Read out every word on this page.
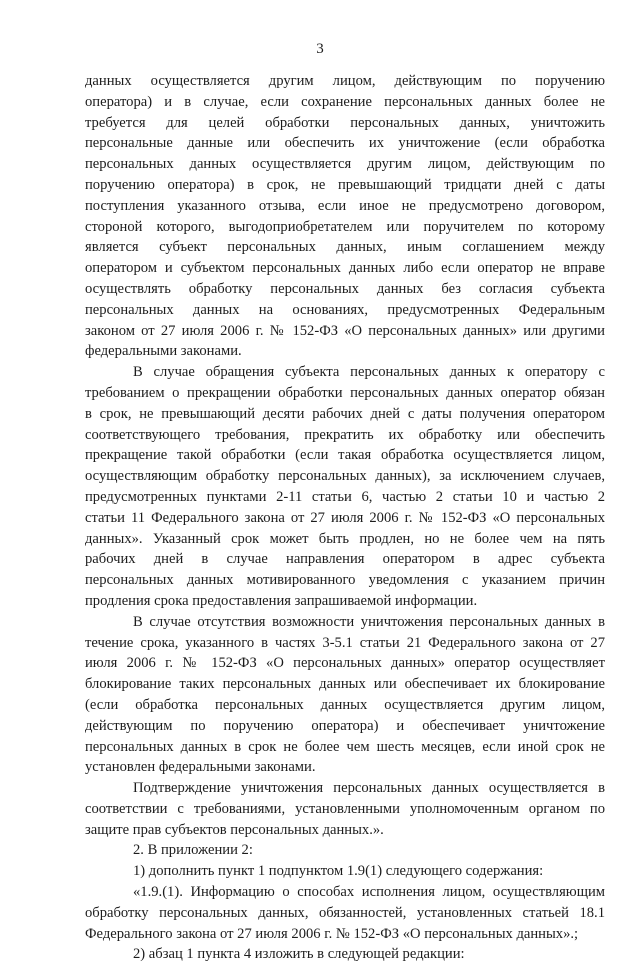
3
данных осуществляется другим лицом, действующим по поручению
оператора) и в случае, если сохранение персональных данных более не
требуется для целей обработки персональных данных, уничтожить
персональные данные или обеспечить их уничтожение (если обработка
персональных данных осуществляется другим лицом, действующим по
поручению оператора) в срок, не превышающий тридцати дней с даты
поступления указанного отзыва, если иное не предусмотрено договором,
стороной которого, выгодоприобретателем или поручителем по которому
является субъект персональных данных, иным соглашением между
оператором и субъектом персональных данных либо если оператор не вправе
осуществлять обработку персональных данных без согласия субъекта
персональных данных на основаниях, предусмотренных Федеральным
законом от 27 июля 2006 г. № 152-ФЗ «О персональных данных» или другими
федеральными законами.
В случае обращения субъекта персональных данных к оператору с
требованием о прекращении обработки персональных данных оператор обязан
в срок, не превышающий десяти рабочих дней с даты получения оператором
соответствующего требования, прекратить их обработку или обеспечить
прекращение такой обработки (если такая обработка осуществляется лицом,
осуществляющим обработку персональных данных), за исключением случаев,
предусмотренных пунктами 2-11 статьи 6, частью 2 статьи 10 и частью 2
статьи 11 Федерального закона от 27 июля 2006 г. № 152-ФЗ «О персональных
данных». Указанный срок может быть продлен, но не более чем на пять
рабочих дней в случае направления оператором в адрес субъекта
персональных данных мотивированного уведомления с указанием причин
продления срока предоставления запрашиваемой информации.
В случае отсутствия возможности уничтожения персональных данных в
течение срока, указанного в частях 3-5.1 статьи 21 Федерального закона от 27
июля 2006 г. № 152-ФЗ «О персональных данных» оператор осуществляет
блокирование таких персональных данных или обеспечивает их блокирование
(если обработка персональных данных осуществляется другим лицом,
действующим по поручению оператора) и обеспечивает уничтожение
персональных данных в срок не более чем шесть месяцев, если иной срок не
установлен федеральными законами.
Подтверждение уничтожения персональных данных осуществляется в
соответствии с требованиями, установленными уполномоченным органом по
защите прав субъектов персональных данных.».
2. В приложении 2:
1) дополнить пункт 1 подпунктом 1.9(1) следующего содержания:
«1.9.(1). Информацию о способах исполнения лицом, осуществляющим
обработку персональных данных, обязанностей, установленных статьей 18.1
Федерального закона от 27 июля 2006 г. № 152-ФЗ «О персональных данных».;
2) абзац 1 пункта 4 изложить в следующей редакции:
